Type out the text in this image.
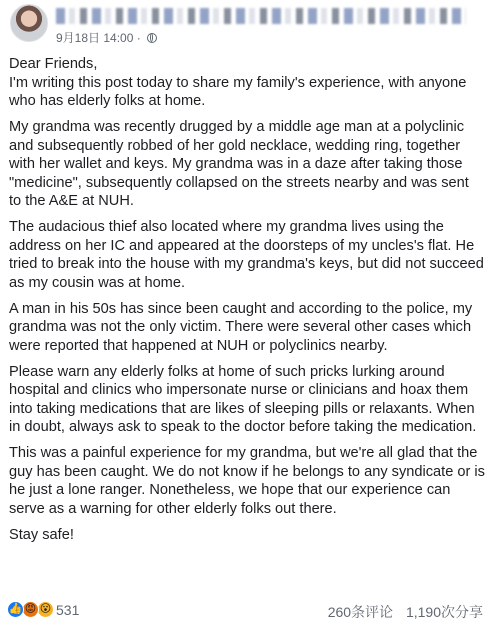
9月18日 14:00 ·

Dear Friends,
I'm writing this post today to share my family's experience, with anyone who has elderly folks at home.

My grandma was recently drugged by a middle age man at a polyclinic and subsequently robbed of her gold necklace, wedding ring, together with her wallet and keys. My grandma was in a daze after taking those "medicine", subsequently collapsed on the streets nearby and was sent to the A&E at NUH.

The audacious thief also located where my grandma lives using the address on her IC and appeared at the doorsteps of my uncles's flat. He tried to break into the house with my grandma's keys, but did not succeed as my cousin was at home.

A man in his 50s has since been caught and according to the police, my grandma was not the only victim. There were several other cases which were reported that happened at NUH or polyclinics nearby.

Please warn any elderly folks at home of such pricks lurking around hospital and clinics who impersonate nurse or clinicians and hoax them into taking medications that are likes of sleeping pills or relaxants. When in doubt, always ask to speak to the doctor before taking the medication.

This was a painful experience for my grandma, but we're all glad that the guy has been caught. We do not know if he belongs to any syndicate or is he just a lone ranger. Nonetheless, we hope that our experience can serve as a warning for other elderly folks out there.

Stay safe!

👍 😡 😮 531	260条评论 1,190次分享
